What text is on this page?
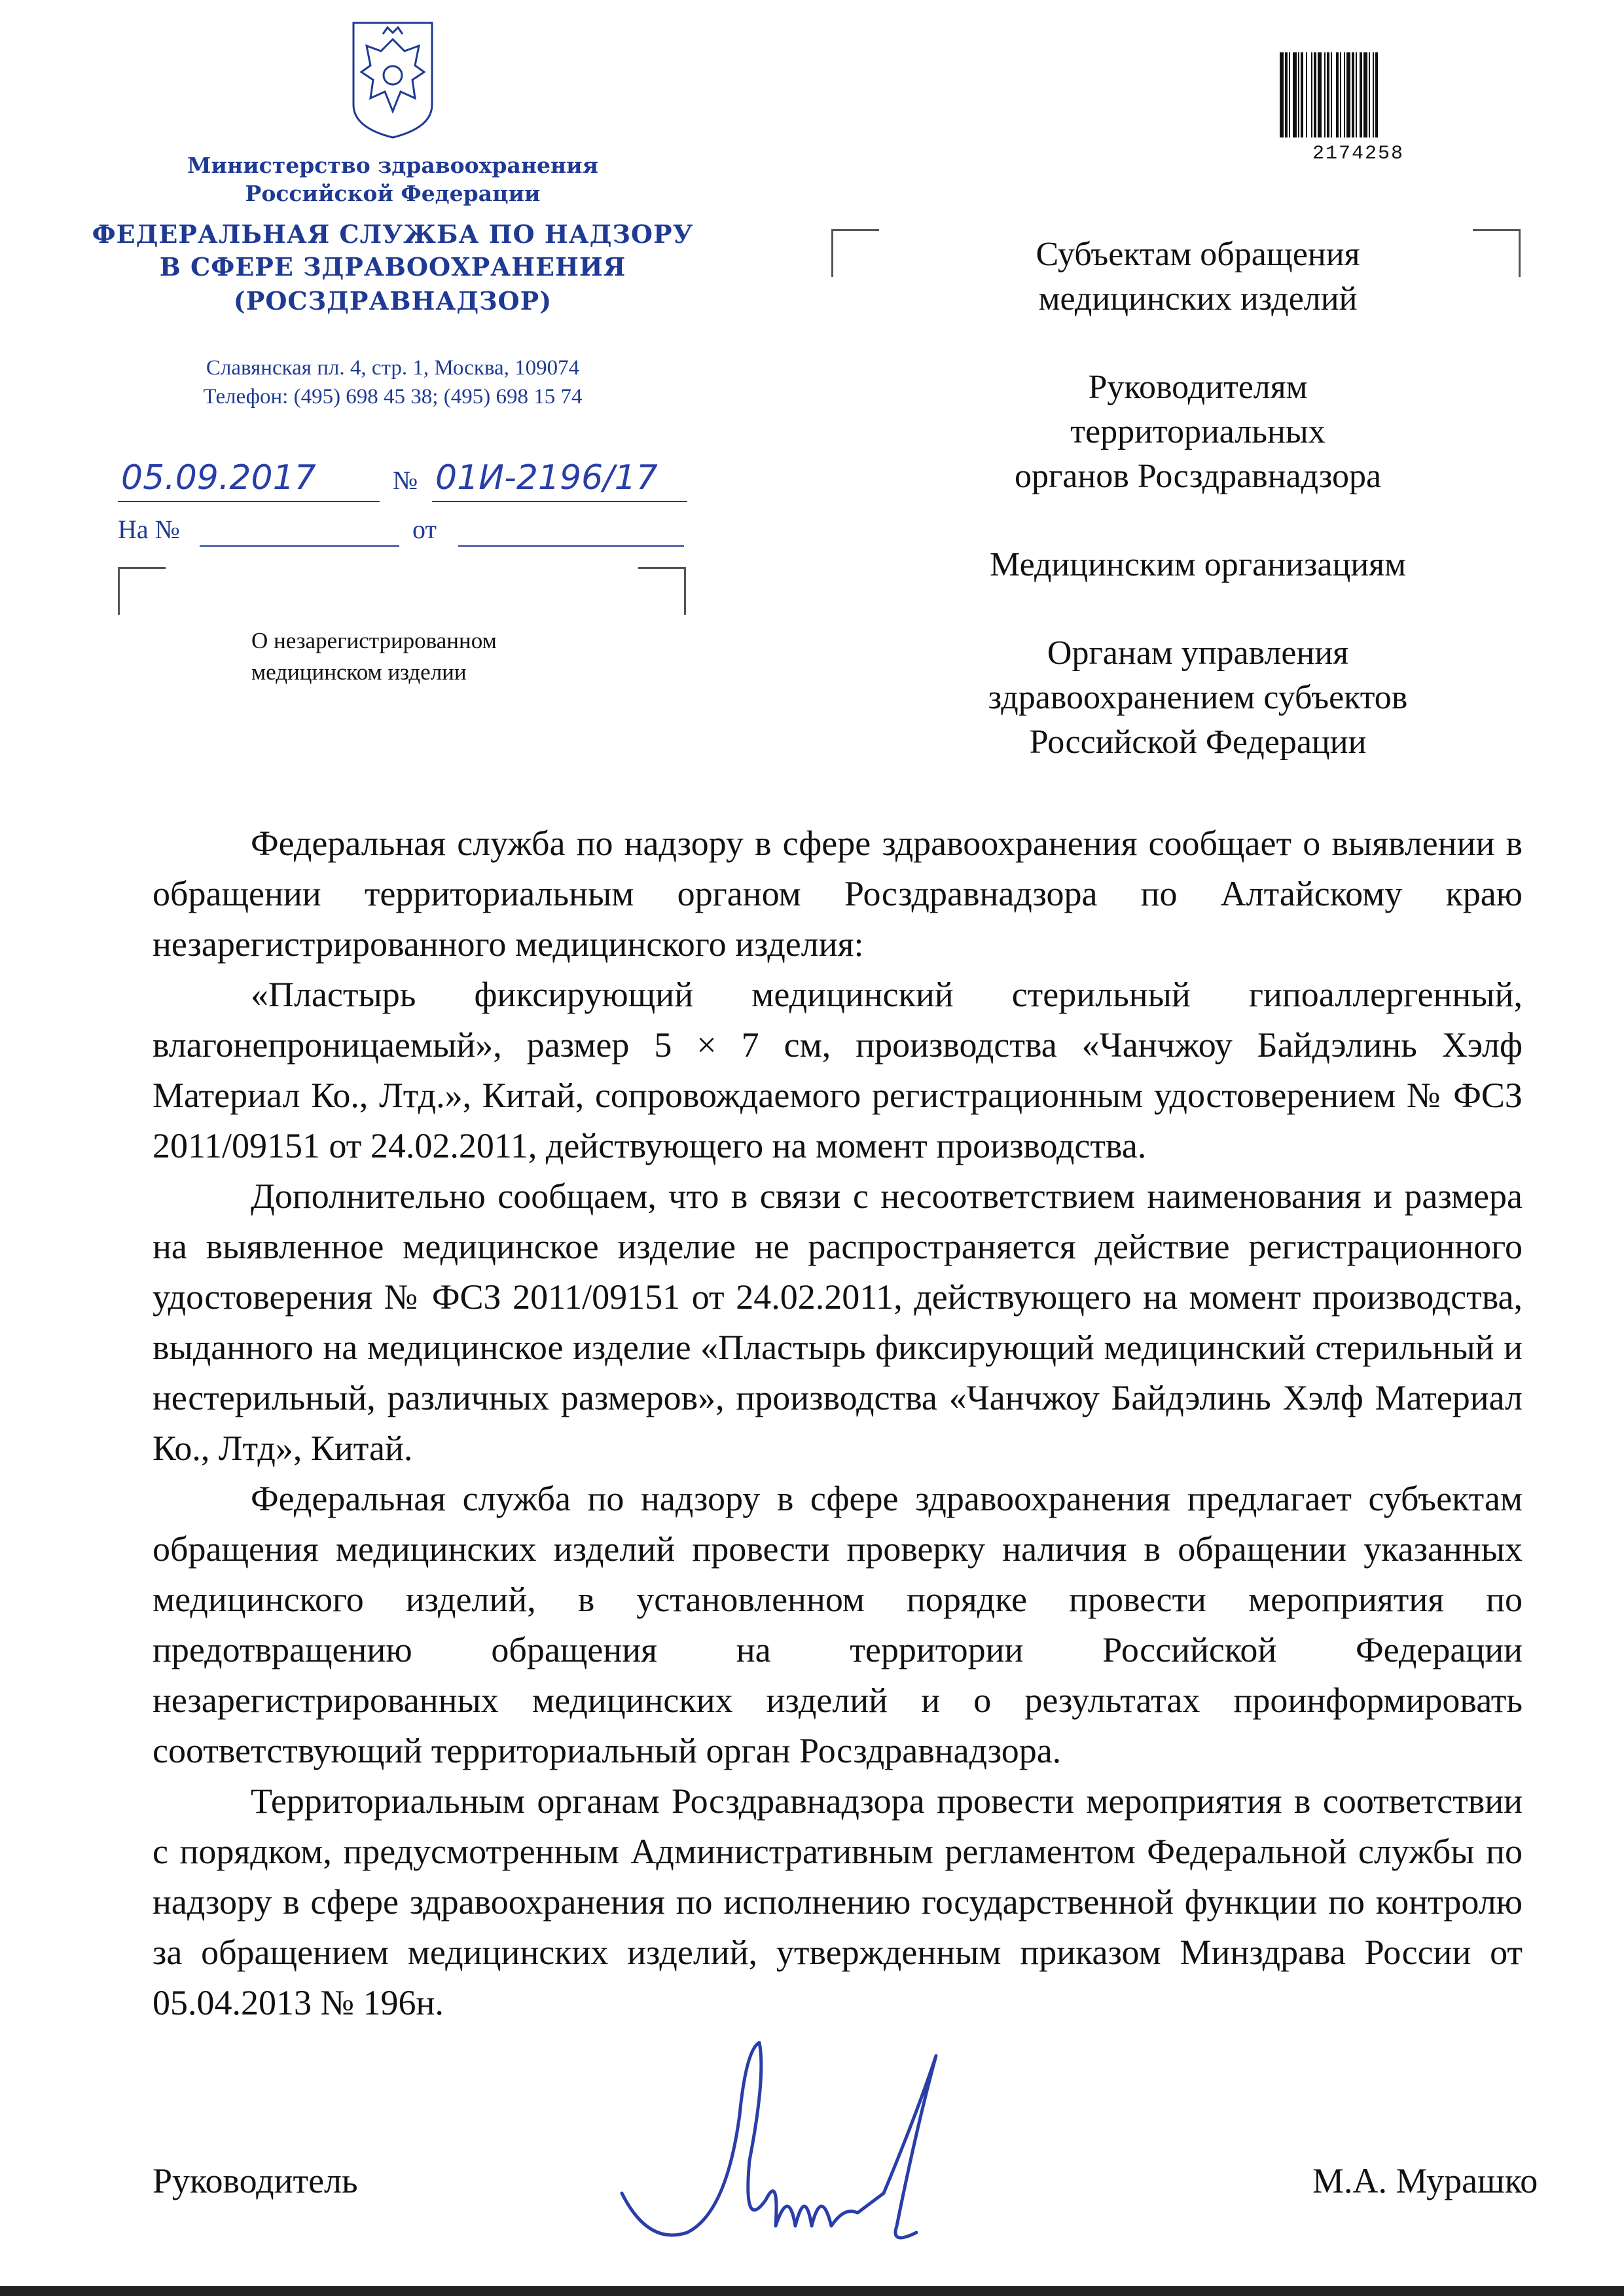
Министерство здравоохранения
Российской Федерации
ФЕДЕРАЛЬНАЯ СЛУЖБА ПО НАДЗОРУ
В СФЕРЕ ЗДРАВООХРАНЕНИЯ
(РОСЗДРАВНАДЗОР)
Славянская пл. 4, стр. 1, Москва, 109074
Телефон: (495) 698 45 38; (495) 698 15 74
05.09.2017	№ 01И-2196/17
На №	от
О незарегистрированном
медицинском изделии
2174258

Субъектам обращения
медицинских изделий

Руководителям
территориальных
органов Росздравнадзора

Медицинским организациям

Органам управления
здравоохранением субъектов
Российской Федерации

Федеральная служба по надзору в сфере здравоохранения сообщает о выявлении в обращении территориальным органом Росздравнадзора по Алтайскому краю незарегистрированного медицинского изделия:

«Пластырь фиксирующий медицинский стерильный гипоаллергенный, влагонепроницаемый», размер 5 × 7 см, производства «Чанчжоу Байдэлинь Хэлф Материал Ко., Лтд.», Китай, сопровождаемого регистрационным удостоверением № ФСЗ 2011/09151 от 24.02.2011, действующего на момент производства.

Дополнительно сообщаем, что в связи с несоответствием наименования и размера на выявленное медицинское изделие не распространяется действие регистрационного удостоверения № ФСЗ 2011/09151 от 24.02.2011, действующего на момент производства, выданного на медицинское изделие «Пластырь фиксирующий медицинский стерильный и нестерильный, различных размеров», производства «Чанчжоу Байдэлинь Хэлф Материал Ко., Лтд», Китай.

Федеральная служба по надзору в сфере здравоохранения предлагает субъектам обращения медицинских изделий провести проверку наличия в обращении указанных медицинского изделий, в установленном порядке провести мероприятия по предотвращению обращения на территории Российской Федерации незарегистрированных медицинских изделий и о результатах проинформировать соответствующий территориальный орган Росздравнадзора.

Территориальным органам Росздравнадзора провести мероприятия в соответствии с порядком, предусмотренным Административным регламентом Федеральной службы по надзору в сфере здравоохранения по исполнению государственной функции по контролю за обращением медицинских изделий, утвержденным приказом Минздрава России от 05.04.2013 № 196н.

Руководитель	М.А. Мурашко
